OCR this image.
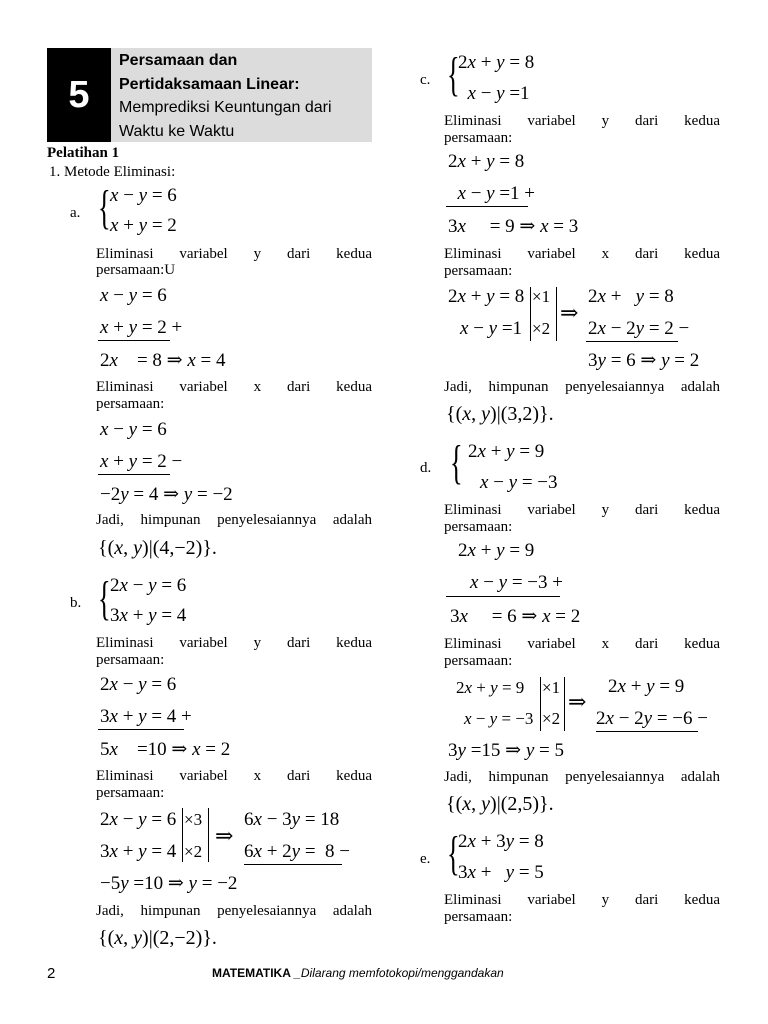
5
Persamaan dan
Pertidaksamaan Linear:
Memprediksi Keuntungan dari
Waktu ke Waktu
Pelatihan 1
1. Metode Eliminasi:
a. { x − y = 6
x + y = 2
Eliminasi variabel y dari kedua
persamaan:U
x − y = 6
x + y = 2 +
2x    = 8 ⇒ x = 4
Eliminasi variabel x dari kedua
persamaan:
x − y = 6
x + y = 2 −
−2y = 4 ⇒ y = −2
Jadi, himpunan penyelesaiannya adalah
{(x, y)|(4,−2)}.
b. { 2x − y = 6
3x + y = 4
Eliminasi variabel y dari kedua
persamaan:
2x − y = 6
3x + y = 4 +
5x    =10 ⇒ x = 2
Eliminasi variabel x dari kedua
persamaan:
2x − y = 6
3x + y = 4
×3
×2
⇒
6x − 3y = 18
6x + 2y =  8 −
−5y =10 ⇒ y = −2
Jadi, himpunan penyelesaiannya adalah
{(x, y)|(2,−2)}.
c. {
2x + y = 8
x − y =1
Eliminasi variabel y dari kedua
persamaan:
2x + y = 8
x − y =1 +
3x     = 9 ⇒ x = 3
Eliminasi variabel x dari kedua
persamaan:
2x + y = 8
x − y =1
×1
×2
⇒
2x +   y = 8
2x − 2y = 2 −
3y = 6 ⇒ y = 2
Jadi, himpunan penyelesaiannya adalah
{(x, y)|(3,2)}.
d. { 2x + y = 9
x − y = −3
Eliminasi variabel y dari kedua
persamaan:
2x + y = 9
x − y = −3 +
3x     = 6 ⇒ x = 2
Eliminasi variabel x dari kedua
persamaan:
2x + y = 9
x − y = −3
×1
×2
⇒
2x + y = 9
2x − 2y = −6 −
3y =15 ⇒ y = 5
Jadi, himpunan penyelesaiannya adalah
{(x, y)|(2,5)}.
e. {
2x + 3y = 8
3x +   y = 5
Eliminasi variabel y dari kedua
persamaan:
2	MATEMATIKA _Dilarang memfotokopi/menggandakan
